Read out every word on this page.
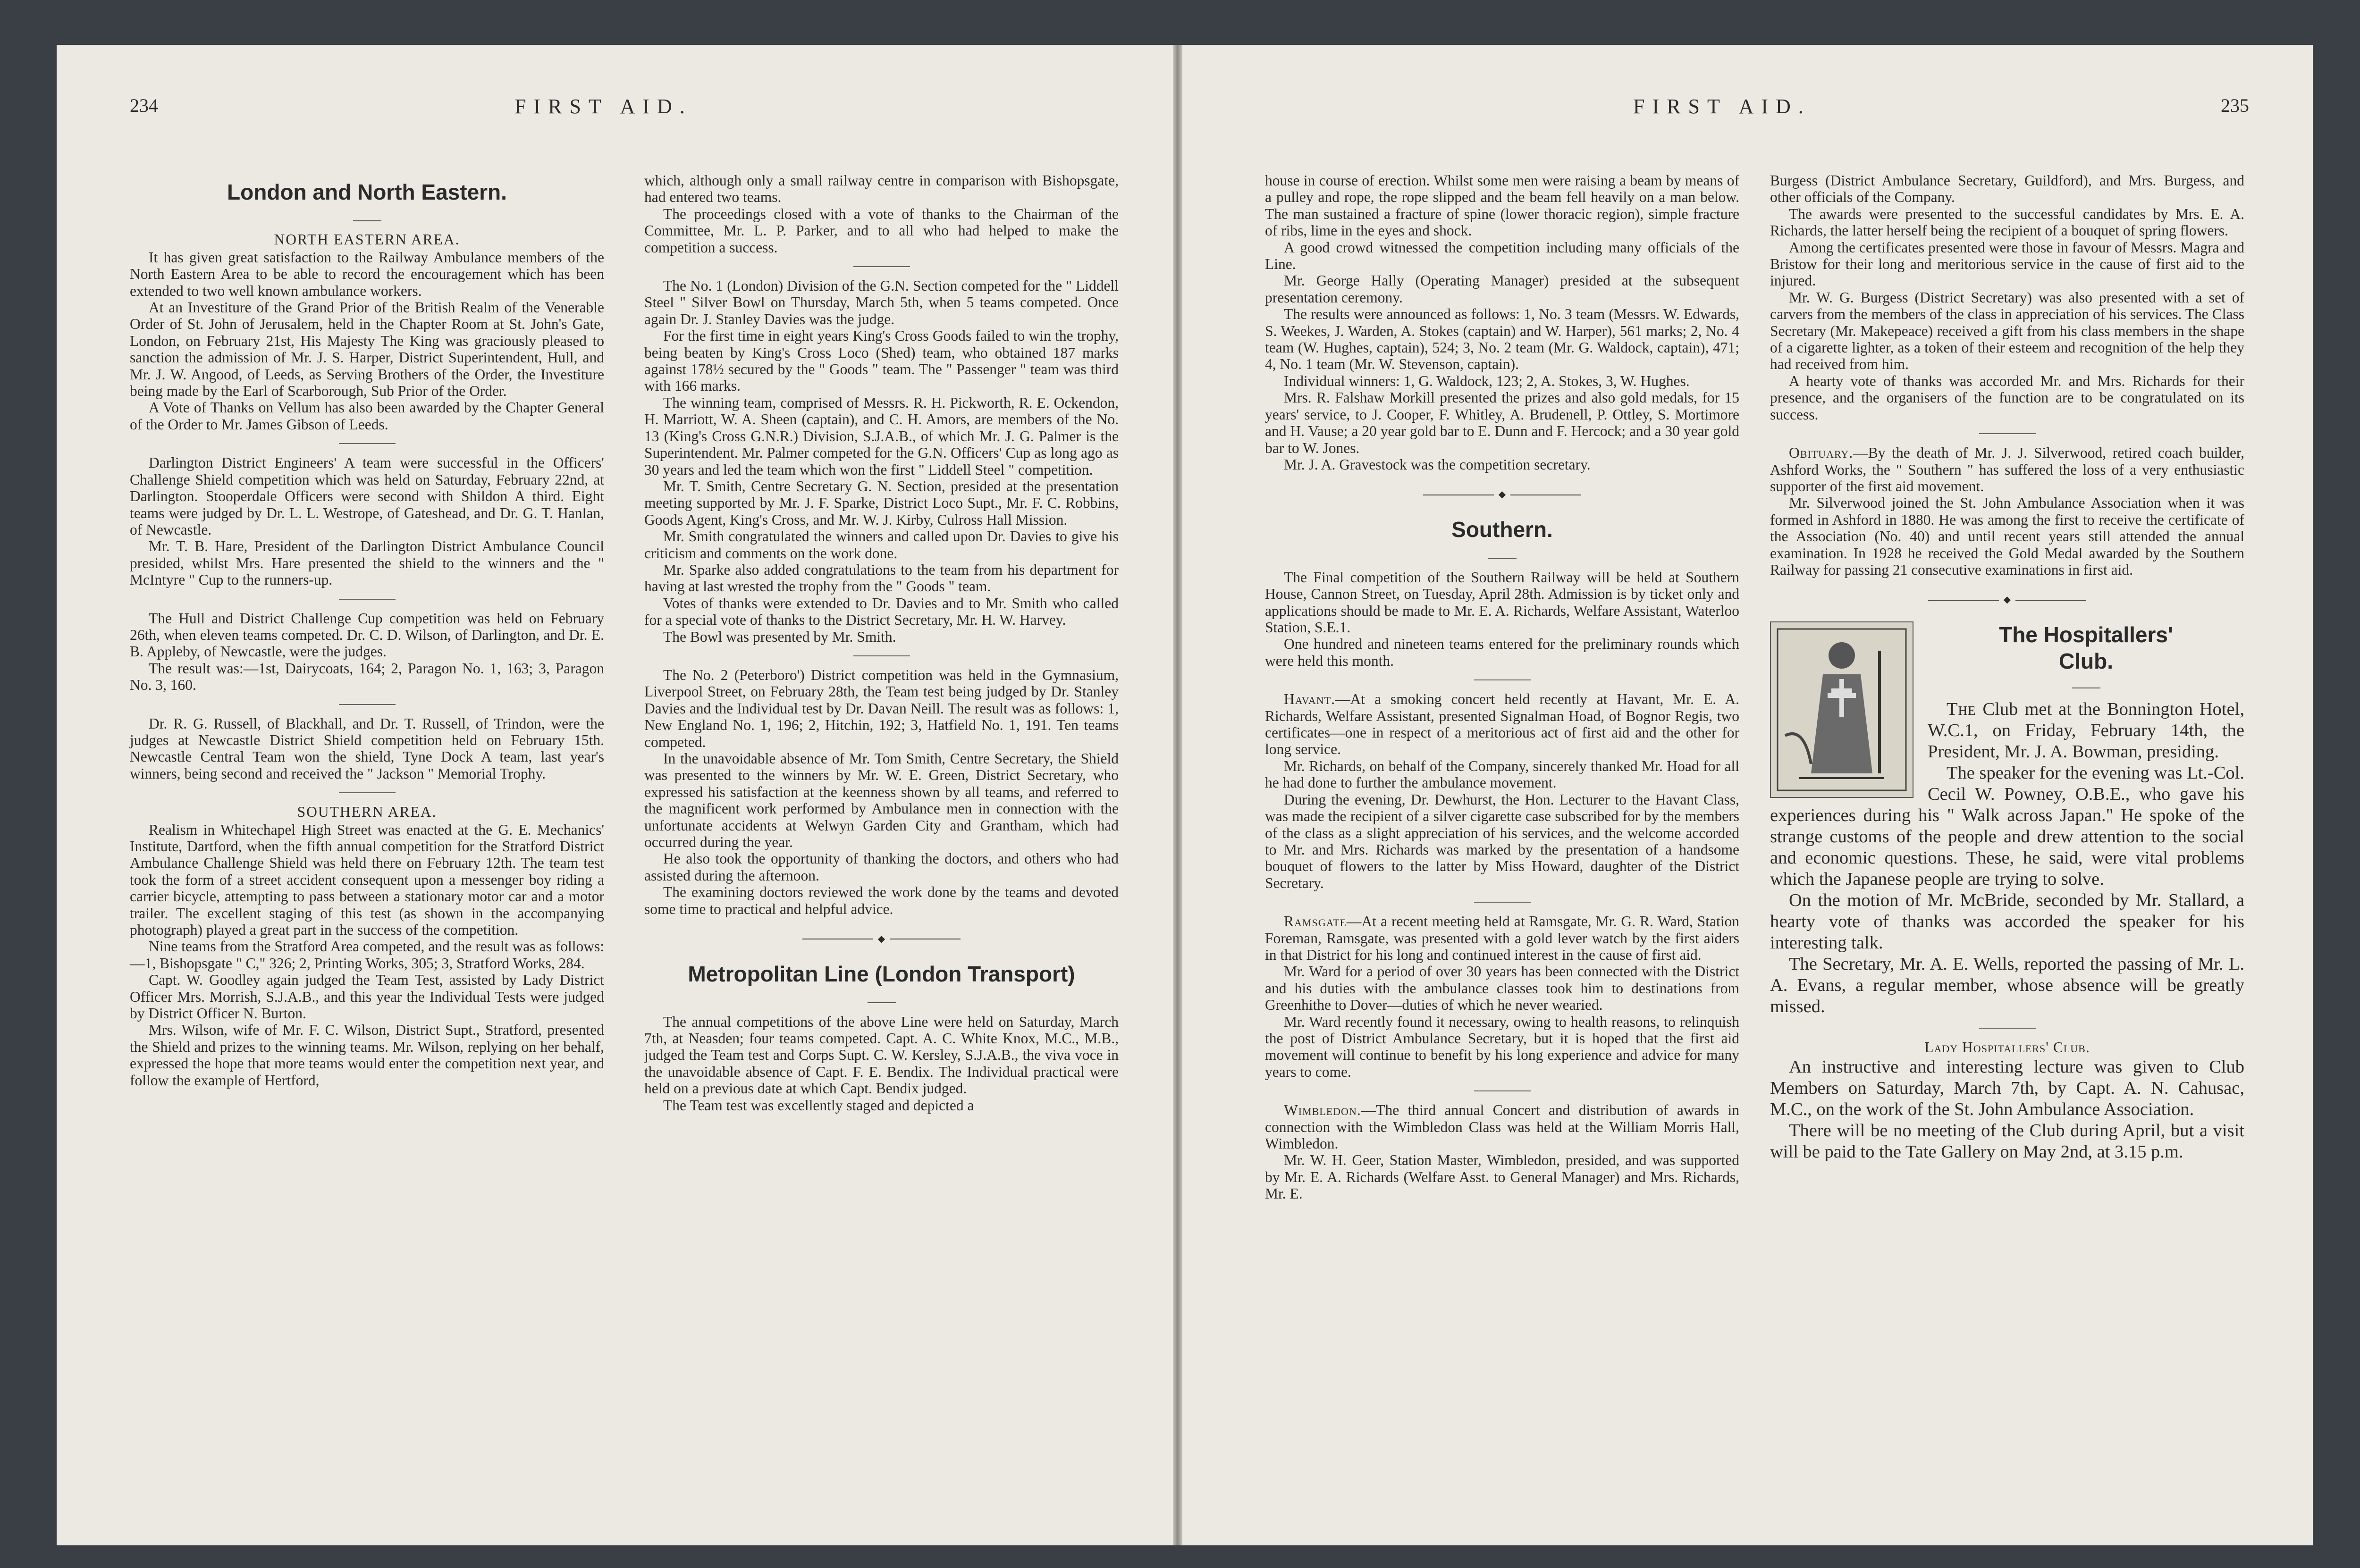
234	FIRST AID.
London and North Eastern.
NORTH EASTERN AREA.

It has given great satisfaction to the Railway Ambulance members of the North Eastern Area to be able to record the encouragement which has been extended to two well known ambulance workers.

At an Investiture of the Grand Prior of the British Realm of the Venerable Order of St. John of Jerusalem, held in the Chapter Room at St. John's Gate, London, on February 21st, His Majesty The King was graciously pleased to sanction the admission of Mr. J. S. Harper, District Superintendent, Hull, and Mr. J. W. Angood, of Leeds, as Serving Brothers of the Order, the Investiture being made by the Earl of Scarborough, Sub Prior of the Order.

A Vote of Thanks on Vellum has also been awarded by the Chapter General of the Order to Mr. James Gibson of Leeds.

Darlington District Engineers' A team were successful in the Officers' Challenge Shield competition which was held on Saturday, February 22nd, at Darlington. Stooperdale Officers were second with Shildon A third. Eight teams were judged by Dr. L. L. Westrope, of Gateshead, and Dr. G. T. Hanlan, of Newcastle.

Mr. T. B. Hare, President of the Darlington District Ambulance Council presided, whilst Mrs. Hare presented the shield to the winners and the " McIntyre " Cup to the runners-up.

The Hull and District Challenge Cup competition was held on February 26th, when eleven teams competed. Dr. C. D. Wilson, of Darlington, and Dr. E. B. Appleby, of Newcastle, were the judges.

The result was:—1st, Dairycoats, 164; 2, Paragon No. 1, 163; 3, Paragon No. 3, 160.

Dr. R. G. Russell, of Blackhall, and Dr. T. Russell, of Trindon, were the judges at Newcastle District Shield competition held on February 15th. Newcastle Central Team won the shield, Tyne Dock A team, last year's winners, being second and received the " Jackson " Memorial Trophy.

SOUTHERN AREA.

Realism in Whitechapel High Street was enacted at the G. E. Mechanics' Institute, Dartford, when the fifth annual competition for the Stratford District Ambulance Challenge Shield was held there on February 12th. The team test took the form of a street accident consequent upon a messenger boy riding a carrier bicycle, attempting to pass between a stationary motor car and a motor trailer. The excellent staging of this test (as shown in the accompanying photograph) played a great part in the success of the competition.

Nine teams from the Stratford Area competed, and the result was as follows:—1, Bishopsgate " C," 326; 2, Printing Works, 305; 3, Stratford Works, 284.

Capt. W. Goodley again judged the Team Test, assisted by Lady District Officer Mrs. Morrish, S.J.A.B., and this year the Individual Tests were judged by District Officer N. Burton.

Mrs. Wilson, wife of Mr. F. C. Wilson, District Supt., Stratford, presented the Shield and prizes to the winning teams. Mr. Wilson, replying on her behalf, expressed the hope that more teams would enter the competition next year, and follow the example of Hertford,

which, although only a small railway centre in comparison with Bishopsgate, had entered two teams.

The proceedings closed with a vote of thanks to the Chairman of the Committee, Mr. L. P. Parker, and to all who had helped to make the competition a success.

The No. 1 (London) Division of the G.N. Section competed for the " Liddell Steel " Silver Bowl on Thursday, March 5th, when 5 teams competed. Once again Dr. J. Stanley Davies was the judge.

For the first time in eight years King's Cross Goods failed to win the trophy, being beaten by King's Cross Loco (Shed) team, who obtained 187 marks against 178½ secured by the " Goods " team. The " Passenger " team was third with 166 marks.

The winning team, comprised of Messrs. R. H. Pickworth, R. E. Ockendon, H. Marriott, W. A. Sheen (captain), and C. H. Amors, are members of the No. 13 (King's Cross G.N.R.) Division, S.J.A.B., of which Mr. J. G. Palmer is the Superintendent. Mr. Palmer competed for the G.N. Officers' Cup as long ago as 30 years and led the team which won the first " Liddell Steel " competition.

Mr. T. Smith, Centre Secretary G. N. Section, presided at the presentation meeting supported by Mr. J. F. Sparke, District Loco Supt., Mr. F. C. Robbins, Goods Agent, King's Cross, and Mr. W. J. Kirby, Culross Hall Mission.

Mr. Smith congratulated the winners and called upon Dr. Davies to give his criticism and comments on the work done.

Mr. Sparke also added congratulations to the team from his department for having at last wrested the trophy from the " Goods " team.

Votes of thanks were extended to Dr. Davies and to Mr. Smith who called for a special vote of thanks to the District Secretary, Mr. H. W. Harvey.

The Bowl was presented by Mr. Smith.

The No. 2 (Peterboro') District competition was held in the Gymnasium, Liverpool Street, on February 28th, the Team test being judged by Dr. Stanley Davies and the Individual test by Dr. Davan Neill. The result was as follows: 1, New England No. 1, 196; 2, Hitchin, 192; 3, Hatfield No. 1, 191. Ten teams competed.

In the unavoidable absence of Mr. Tom Smith, Centre Secretary, the Shield was presented to the winners by Mr. W. E. Green, District Secretary, who expressed his satisfaction at the keenness shown by all teams, and referred to the magnificent work performed by Ambulance men in connection with the unfortunate accidents at Welwyn Garden City and Grantham, which had occurred during the year.

He also took the opportunity of thanking the doctors, and others who had assisted during the afternoon.

The examining doctors reviewed the work done by the teams and devoted some time to practical and helpful advice.

◆
Metropolitan Line (London Transport)

The annual competitions of the above Line were held on Saturday, March 7th, at Neasden; four teams competed. Capt. A. C. White Knox, M.C., M.B., judged the Team test and Corps Supt. C. W. Kersley, S.J.A.B., the viva voce in the unavoidable absence of Capt. F. E. Bendix. The Individual practical were held on a previous date at which Capt. Bendix judged.

The Team test was excellently staged and depicted a

FIRST AID.	235

house in course of erection. Whilst some men were raising a beam by means of a pulley and rope, the rope slipped and the beam fell heavily on a man below. The man sustained a fracture of spine (lower thoracic region), simple fracture of ribs, lime in the eyes and shock.

A good crowd witnessed the competition including many officials of the Line.

Mr. George Hally (Operating Manager) presided at the subsequent presentation ceremony.

The results were announced as follows: 1, No. 3 team (Messrs. W. Edwards, S. Weekes, J. Warden, A. Stokes (captain) and W. Harper), 561 marks; 2, No. 4 team (W. Hughes, captain), 524; 3, No. 2 team (Mr. G. Waldock, captain), 471; 4, No. 1 team (Mr. W. Stevenson, captain).

Individual winners: 1, G. Waldock, 123; 2, A. Stokes, 3, W. Hughes.

Mrs. R. Falshaw Morkill presented the prizes and also gold medals, for 15 years' service, to J. Cooper, F. Whitley, A. Brudenell, P. Ottley, S. Mortimore and H. Vause; a 20 year gold bar to E. Dunn and F. Hercock; and a 30 year gold bar to W. Jones.

Mr. J. A. Gravestock was the competition secretary.

◆
Southern.

The Final competition of the Southern Railway will be held at Southern House, Cannon Street, on Tuesday, April 28th. Admission is by ticket only and applications should be made to Mr. E. A. Richards, Welfare Assistant, Waterloo Station, S.E.1.

One hundred and nineteen teams entered for the preliminary rounds which were held this month.

Havant.—At a smoking concert held recently at Havant, Mr. E. A. Richards, Welfare Assistant, presented Signalman Hoad, of Bognor Regis, two certificates—one in respect of a meritorious act of first aid and the other for long service.

Mr. Richards, on behalf of the Company, sincerely thanked Mr. Hoad for all he had done to further the ambulance movement.

During the evening, Dr. Dewhurst, the Hon. Lecturer to the Havant Class, was made the recipient of a silver cigarette case subscribed for by the members of the class as a slight appreciation of his services, and the welcome accorded to Mr. and Mrs. Richards was marked by the presentation of a handsome bouquet of flowers to the latter by Miss Howard, daughter of the District Secretary.

Ramsgate—At a recent meeting held at Ramsgate, Mr. G. R. Ward, Station Foreman, Ramsgate, was presented with a gold lever watch by the first aiders in that District for his long and continued interest in the cause of first aid.

Mr. Ward for a period of over 30 years has been connected with the District and his duties with the ambulance classes took him to destinations from Greenhithe to Dover—duties of which he never wearied.

Mr. Ward recently found it necessary, owing to health reasons, to relinquish the post of District Ambulance Secretary, but it is hoped that the first aid movement will continue to benefit by his long experience and advice for many years to come.

Wimbledon.—The third annual Concert and distribution of awards in connection with the Wimbledon Class was held at the William Morris Hall, Wimbledon.

Mr. W. H. Geer, Station Master, Wimbledon, presided, and was supported by Mr. E. A. Richards (Welfare Asst. to General Manager) and Mrs. Richards, Mr. E.

Burgess (District Ambulance Secretary, Guildford), and Mrs. Burgess, and other officials of the Company.

The awards were presented to the successful candidates by Mrs. E. A. Richards, the latter herself being the recipient of a bouquet of spring flowers.

Among the certificates presented were those in favour of Messrs. Magra and Bristow for their long and meritorious service in the cause of first aid to the injured.

Mr. W. G. Burgess (District Secretary) was also presented with a set of carvers from the members of the class in appreciation of his services. The Class Secretary (Mr. Makepeace) received a gift from his class members in the shape of a cigarette lighter, as a token of their esteem and recognition of the help they had received from him.

A hearty vote of thanks was accorded Mr. and Mrs. Richards for their presence, and the organisers of the function are to be congratulated on its success.

Obituary.—By the death of Mr. J. J. Silverwood, retired coach builder, Ashford Works, the " Southern " has suffered the loss of a very enthusiastic supporter of the first aid movement.

Mr. Silverwood joined the St. John Ambulance Association when it was formed in Ashford in 1880. He was among the first to receive the certificate of the Association (No. 40) and until recent years still attended the annual examination. In 1928 he received the Gold Medal awarded by the Southern Railway for passing 21 consecutive examinations in first aid.

◆
The Hospitallers'
Club.

The Club met at the Bonnington Hotel, W.C.1, on Friday, February 14th, the President, Mr. J. A. Bowman, presiding.

The speaker for the evening was Lt.-Col. Cecil W. Powney, O.B.E., who gave his experiences during his " Walk across Japan." He spoke of the strange customs of the people and drew attention to the social and economic questions. These, he said, were vital problems which the Japanese people are trying to solve.

On the motion of Mr. McBride, seconded by Mr. Stallard, a hearty vote of thanks was accorded the speaker for his interesting talk.

The Secretary, Mr. A. E. Wells, reported the passing of Mr. L. A. Evans, a regular member, whose absence will be greatly missed.

Lady Hospitallers' Club.

An instructive and interesting lecture was given to Club Members on Saturday, March 7th, by Capt. A. N. Cahusac, M.C., on the work of the St. John Ambulance Association.

There will be no meeting of the Club during April, but a visit will be paid to the Tate Gallery on May 2nd, at 3.15 p.m.
